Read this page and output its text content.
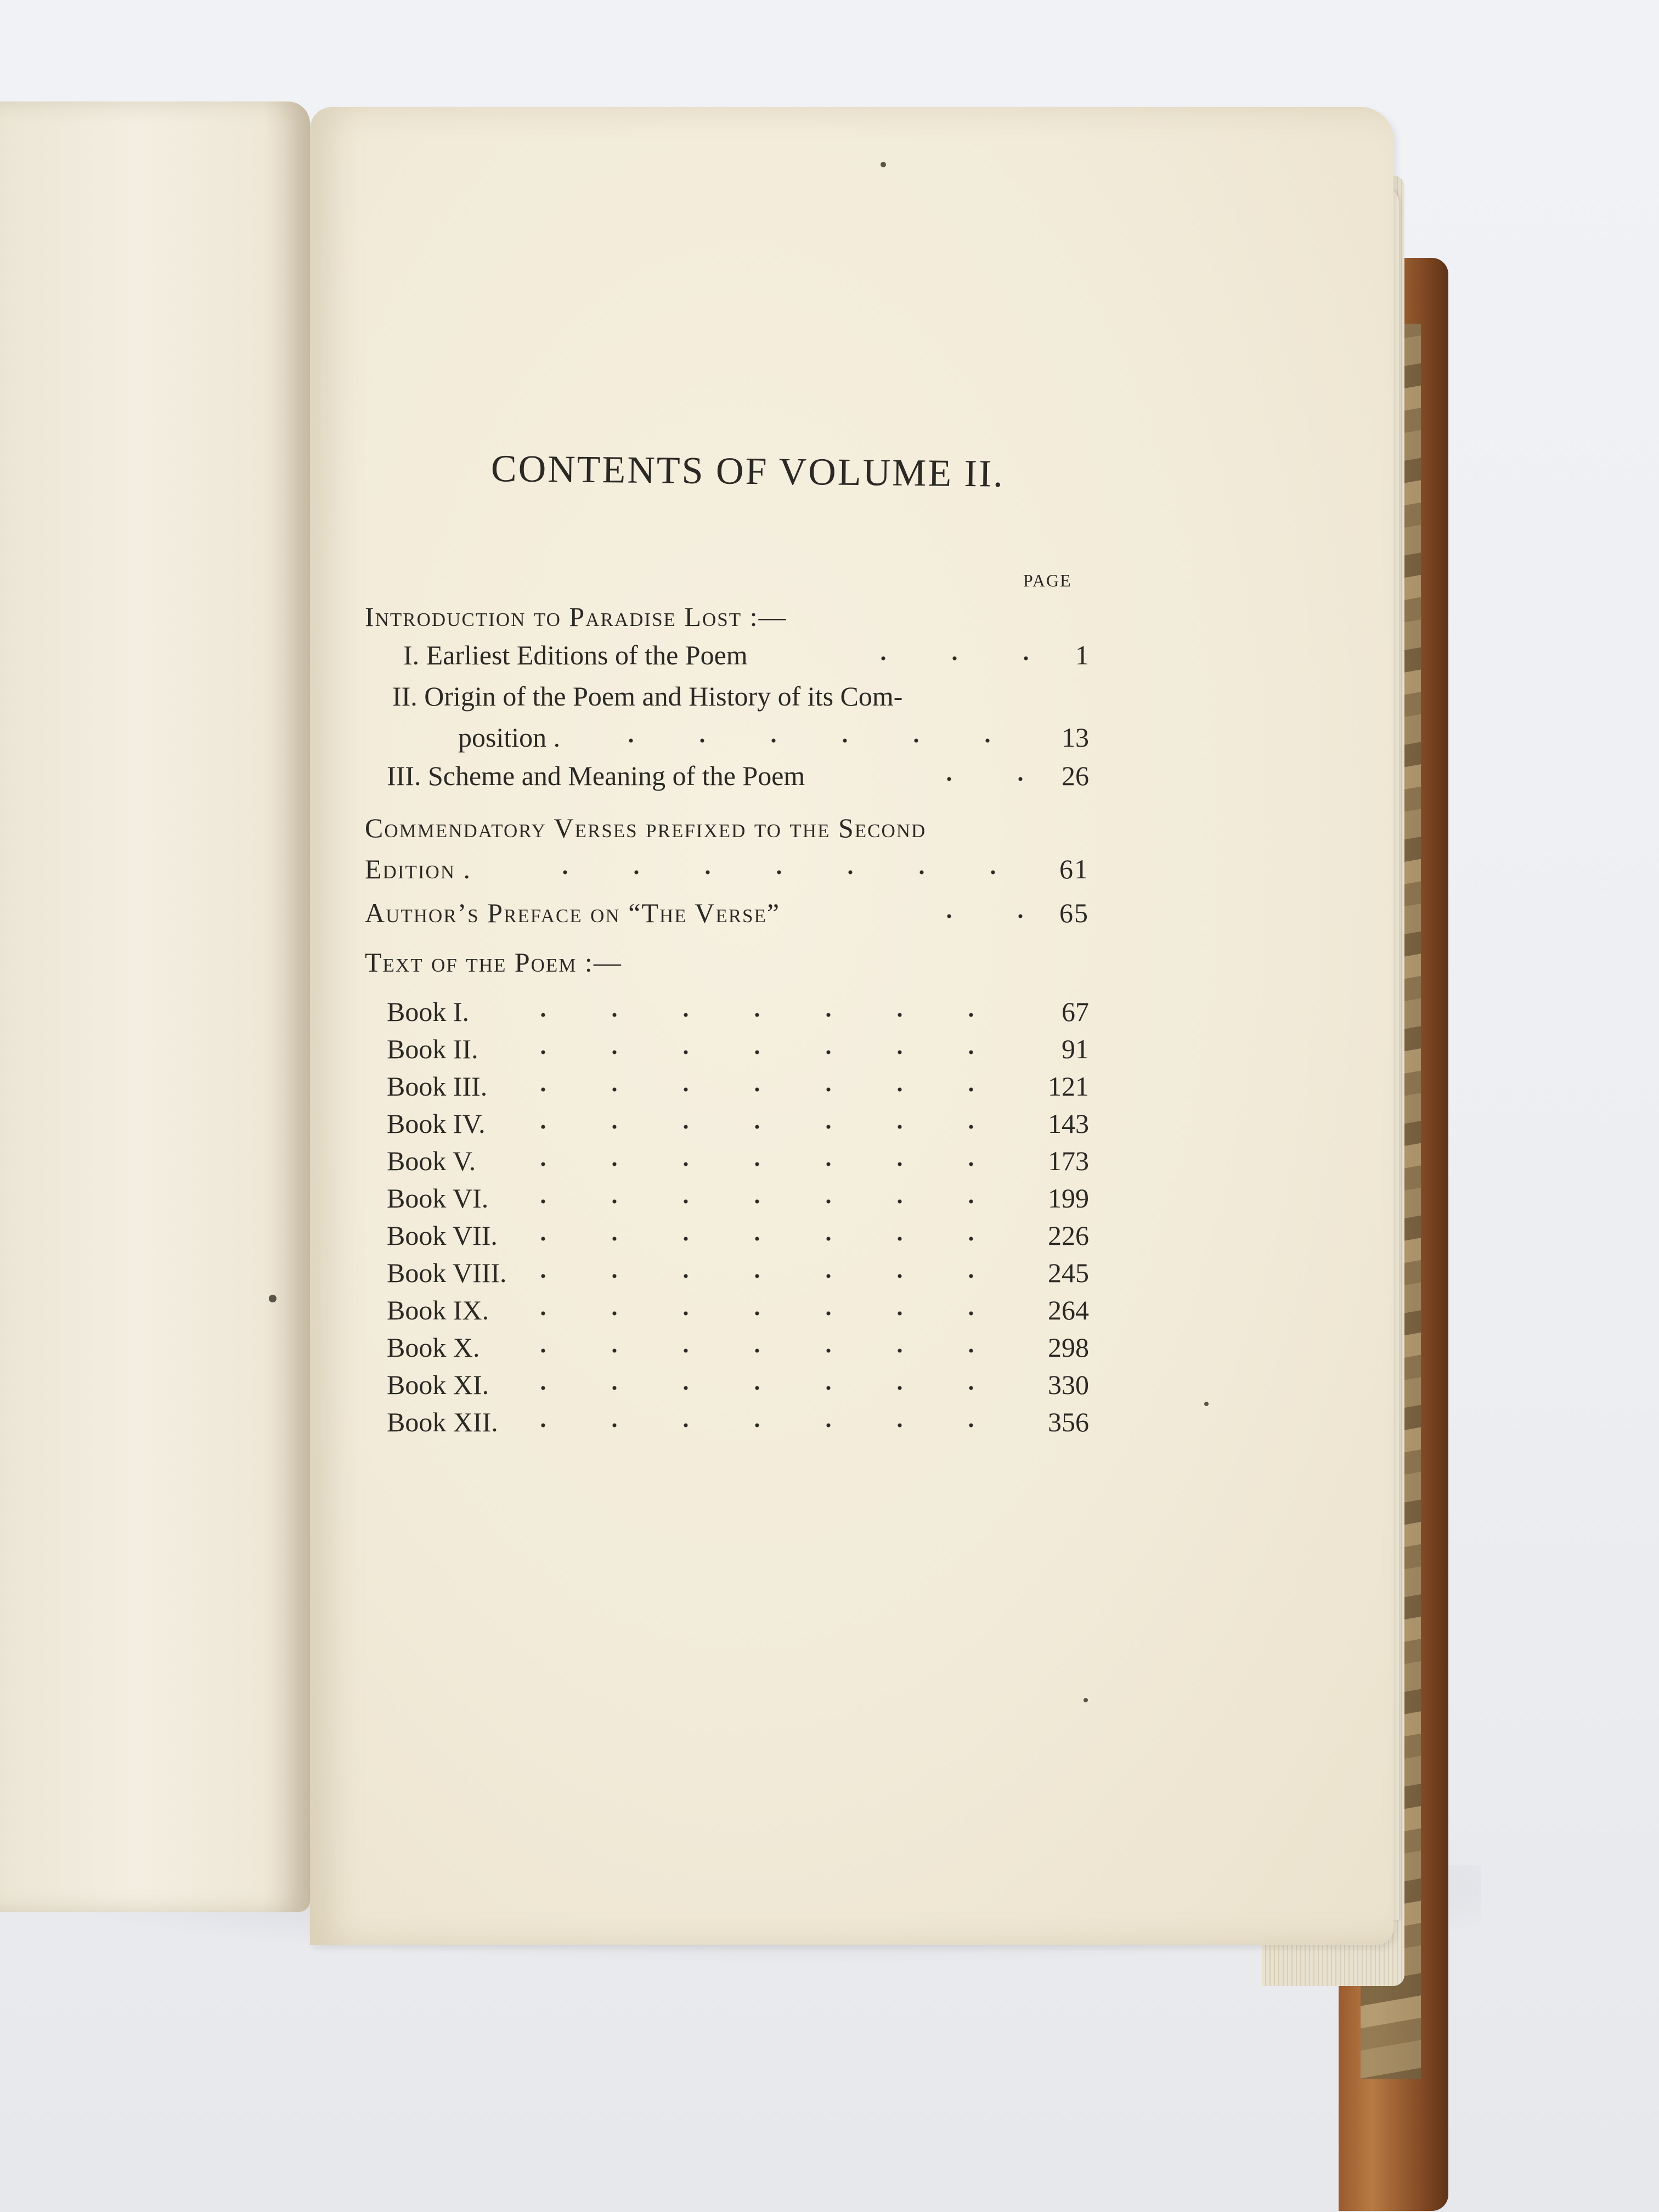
CONTENTS OF VOLUME II.
PAGE
Introduction to Paradise Lost :—
I. Earliest Editions of the Poem	1
II. Origin of the Poem and History of its Com-
position .	13
III. Scheme and Meaning of the Poem	26
Commendatory Verses prefixed to the Second
Edition .	61
Author’s Preface on “The Verse”	65
Text of the Poem :—
Book I.	67
Book II.	91
Book III.	121
Book IV.	143
Book V.	173
Book VI.	199
Book VII.	226
Book VIII.	245
Book IX.	264
Book X.	298
Book XI.	330
Book XII.	356
